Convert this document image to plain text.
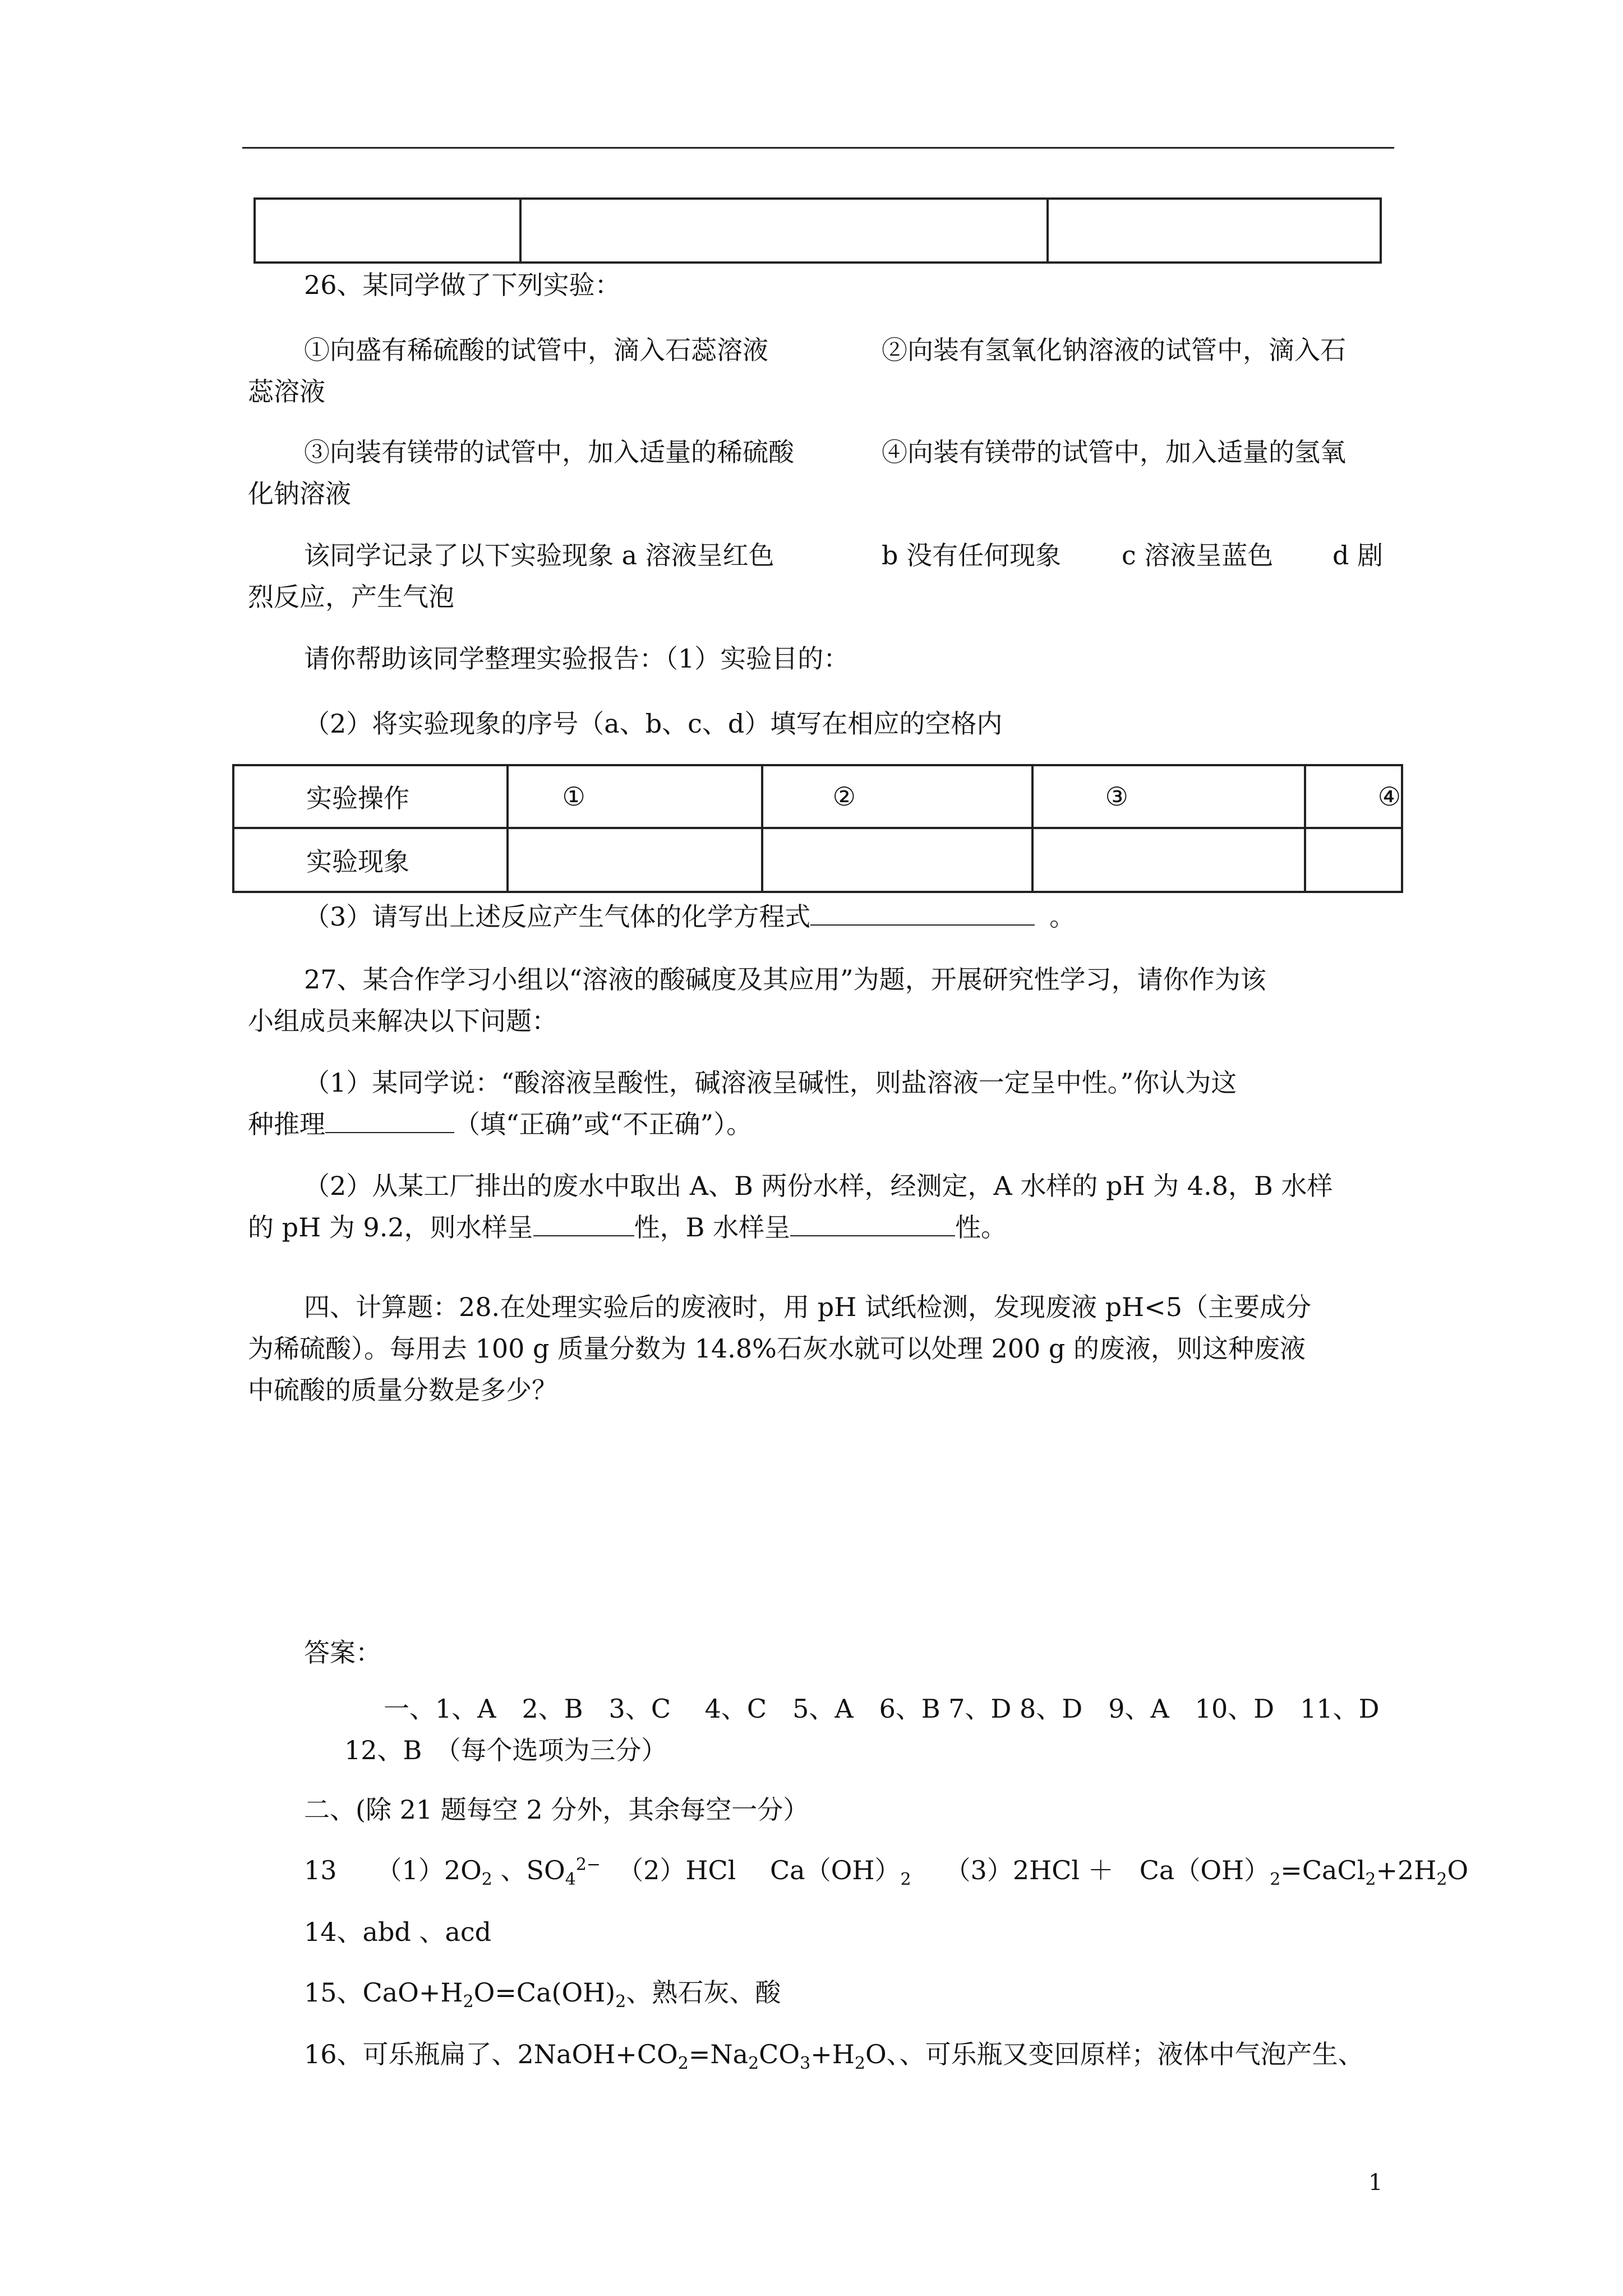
26、某同学做了下列实验：
①向盛有稀硫酸的试管中，滴入石蕊溶液	②向装有氢氧化钠溶液的试管中，滴入石
蕊溶液
③向装有镁带的试管中，加入适量的稀硫酸	④向装有镁带的试管中，加入适量的氢氧
化钠溶液
该同学记录了以下实验现象 a 溶液呈红色	b 没有任何现象 c 溶液呈蓝色 d 剧
烈反应，产生气泡
请你帮助该同学整理实验报告：（1）实验目的：
（2）将实验现象的序号（a、b、c、d）填写在相应的空格内
实验操作	①	②	③	④
实验现象				
（3）请写出上述反应产生气体的化学方程式	。
27、某合作学习小组以“溶液的酸碱度及其应用”为题，开展研究性学习，请你作为该
小组成员来解决以下问题：
（1）某同学说：“酸溶液呈酸性，碱溶液呈碱性，则盐溶液一定呈中性。”你认为这
种推理	（填“正确”或“不正确”）。
（2）从某工厂排出的废水中取出 A、B 两份水样，经测定，A 水样的 pH 为 4.8，B 水样
的 pH 为 9.2，则水样呈	性，B 水样呈	性。
四、计算题：28.在处理实验后的废液时，用 pH 试纸检测，发现废液 pH<5（主要成分
为稀硫酸）。每用去 100 g 质量分数为 14.8%石灰水就可以处理 200 g 的废液，则这种废液
中硫酸的质量分数是多少？
答案：
一、1、A　2、B　3、C　 4、C　5、A　6、B 7、D 8、D　9、A　10、D　11、D
12、B　（每个选项为三分）
二、(除 21 题每空 2 分外，其余每空一分）
13 $(1)2O_2$ 、$SO_4^{2-}$ （2）HCl　 $Ca(OH)_2$ （3）2HCl ＋　$Ca(OH)_2=CaCl_2+2H_2O$
14、abd 、acd
15、$CaO+H_2O=Ca(OH)_2$、熟石灰、酸
16、可乐瓶扁了、$2NaOH+CO_2=Na_2CO_3+H_2O$、、可乐瓶又变回原样；液体中气泡产生、
1
